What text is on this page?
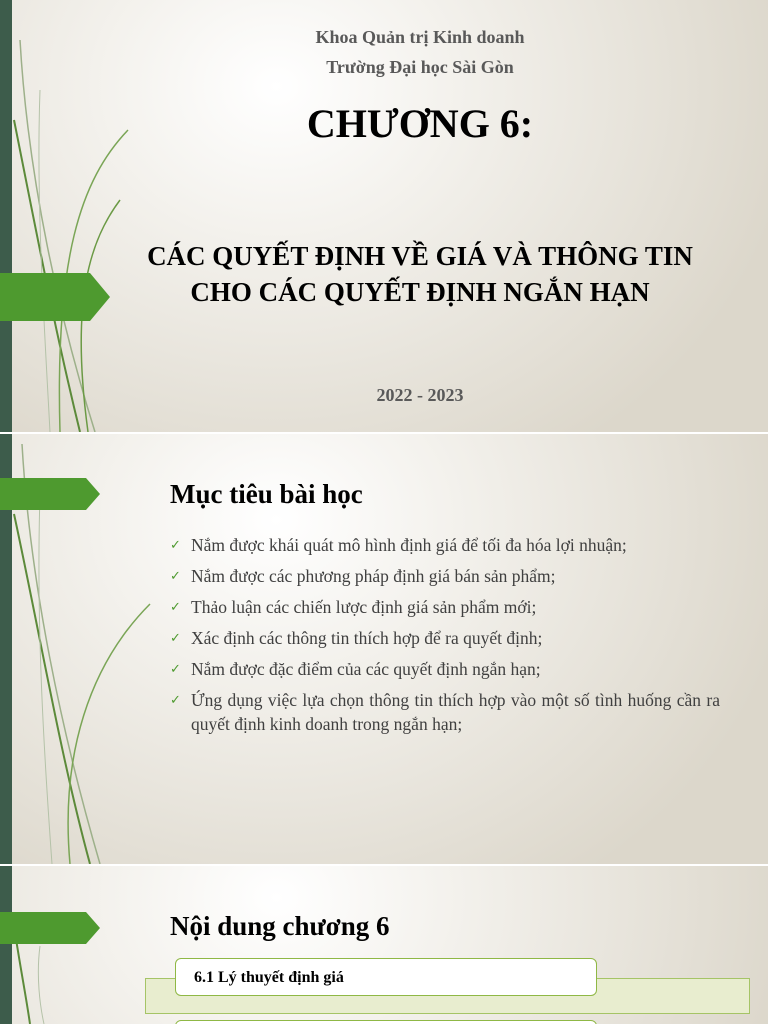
Khoa Quản trị Kinh doanh
Trường Đại học Sài Gòn
CHƯƠNG 6:
CÁC QUYẾT ĐỊNH VỀ GIÁ VÀ THÔNG TIN
CHO CÁC QUYẾT ĐỊNH NGẮN HẠN
2022 - 2023
Mục tiêu bài học
✓ Nắm được khái quát mô hình định giá để tối đa hóa lợi nhuận;
✓ Nắm được các phương pháp định giá bán sản phẩm;
✓ Thảo luận các chiến lược định giá sản phẩm mới;
✓ Xác định các thông tin thích hợp để ra quyết định;
✓ Nắm được đặc điểm của các quyết định ngắn hạn;
✓ Ứng dụng việc lựa chọn thông tin thích hợp vào một số tình huống cần ra quyết định kinh doanh trong ngắn hạn;
Nội dung chương 6
6.1 Lý thuyết định giá
